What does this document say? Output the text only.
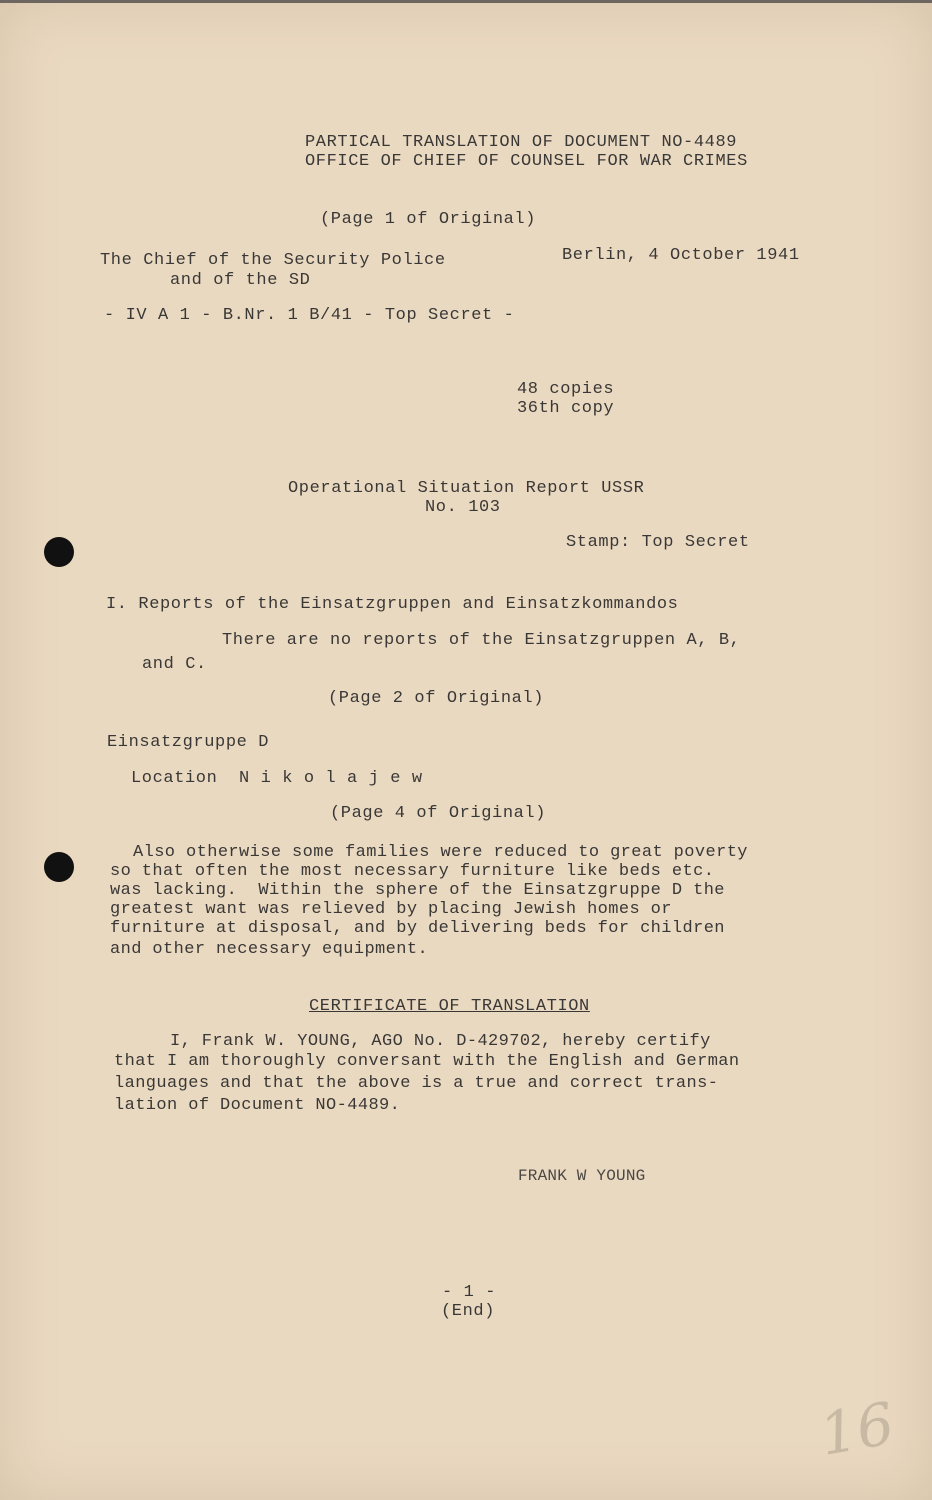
PARTICAL TRANSLATION OF DOCUMENT NO-4489
OFFICE OF CHIEF OF COUNSEL FOR WAR CRIMES
(Page 1 of Original)
The Chief of the Security Police
and of the SD
Berlin, 4 October 1941
- IV A 1 - B.Nr. 1 B/41 - Top Secret -
48 copies
36th copy
Operational Situation Report USSR
No. 103
Stamp: Top Secret
I. Reports of the Einsatzgruppen and Einsatzkommandos
There are no reports of the Einsatzgruppen A, B,
and C.
(Page 2 of Original)
Einsatzgruppe D
Location  N i k o l a j e w
(Page 4 of Original)
Also otherwise some families were reduced to great poverty
so that often the most necessary furniture like beds etc.
was lacking.  Within the sphere of the Einsatzgruppe D the
greatest want was relieved by placing Jewish homes or
furniture at disposal, and by delivering beds for children
and other necessary equipment.
CERTIFICATE OF TRANSLATION
I, Frank W. YOUNG, AGO No. D-429702, hereby certify
that I am thoroughly conversant with the English and German
languages and that the above is a true and correct trans-
lation of Document NO-4489.
FRANK W YOUNG
- 1 -
(End)
16
